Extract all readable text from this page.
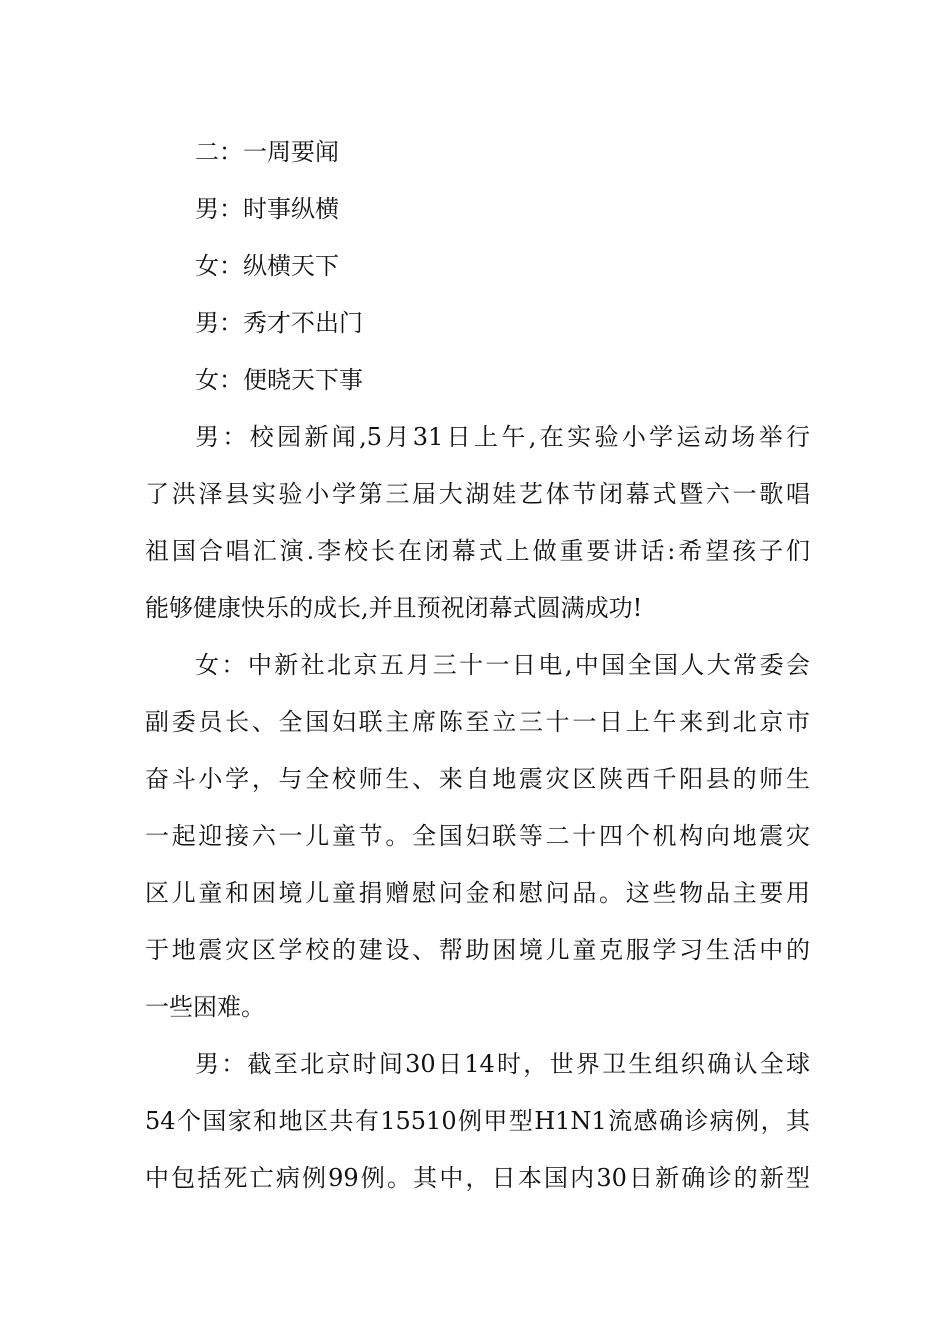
二：一周要闻
男：时事纵横
女：纵横天下
男：秀才不出门
女：便晓天下事
男：校园新闻,5月31日上午,在实验小学运动场举行
了洪泽县实验小学第三届大湖娃艺体节闭幕式暨六一歌唱
祖国合唱汇演.李校长在闭幕式上做重要讲话:希望孩子们
能够健康快乐的成长,并且预祝闭幕式圆满成功!
女：中新社北京五月三十一日电,中国全国人大常委会
副委员长、全国妇联主席陈至立三十一日上午来到北京市
奋斗小学，与全校师生、来自地震灾区陕西千阳县的师生
一起迎接六一儿童节。全国妇联等二十四个机构向地震灾
区儿童和困境儿童捐赠慰问金和慰问品。这些物品主要用
于地震灾区学校的建设、帮助困境儿童克服学习生活中的
一些困难。
男：截至北京时间30日14时，世界卫生组织确认全球
54个国家和地区共有15510例甲型H1N1流感确诊病例，其
中包括死亡病例99例。其中，日本国内30日新确诊的新型
